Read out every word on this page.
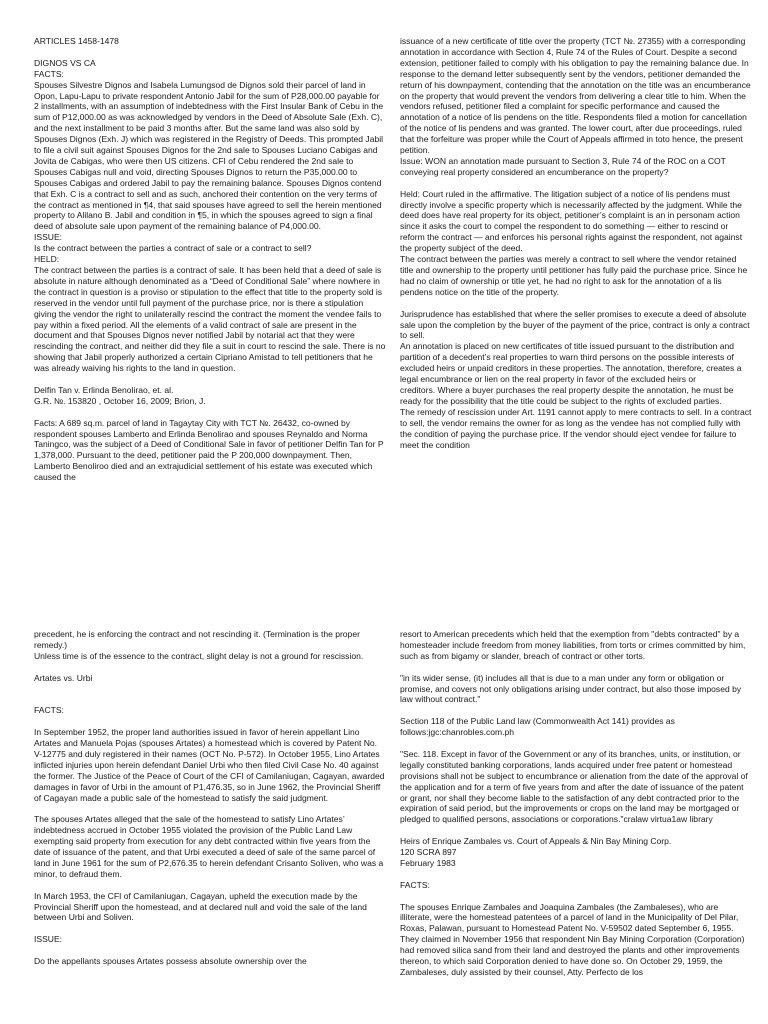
ARTICLES 1458-1478

DIGNOS VS CA

FACTS:

Spouses Silvestre Dignos and Isabela Lumungsod de Dignos sold their parcel of land in Opon, Lapu-Lapu to private respondent Antonio Jabil for the sum of P28,000.00 payable for 2 installments, with an assumption of indebtedness with the First Insular Bank of Cebu in the sum of P12,000.00 as was acknowledged by vendors in the Deed of Absolute Sale (Exh. C), and the next installment to be paid 3 months after. But the same land was also sold by Spouses Dignos (Exh. J) which was registered in the Registry of Deeds. This prompted Jabil to file a civil suit against Spouses Dignos for the 2nd sale to Spouses Luciano Cabigas and Jovita de Cabigas, who were then US citizens. CFI of Cebu rendered the 2nd sale to Spouses Cabigas null and void, directing Spouses Dignos to return the P35,000.00 to Spouses Cabigas and ordered Jabil to pay the remaining balance. Spouses Dignos contend that Exh. C is a contract to sell and as such, anchored their contention on the very terms of the contract as mentioned in ¶4, that said spouses have agreed to sell the herein mentioned property to Alilano B. Jabil and condition in ¶5, in which the spouses agreed to sign a final deed of absolute sale upon payment of the remaining balance of P4,000.00.

ISSUE:

Is the contract between the parties a contract of sale or a contract to sell?

HELD:

The contract between the parties is a contract of sale. It has been held that a deed of sale is absolute in nature although denominated as a “Deed of Conditional Sale” where nowhere in the contract in question is a proviso or stipulation to the effect that title to the property sold is reserved in the vendor until full payment of the purchase price, nor is there a stipulation giving the vendor the right to unilaterally rescind the contract the moment the vendee fails to pay within a fixed period. All the elements of a valid contract of sale are present in the document and that Spouses Dignos never notified Jabil by notarial act that they were rescinding the contract, and neither did they file a suit in court to rescind the sale. There is no showing that Jabil properly authorized a certain Cipriano Amistad to tell petitioners that he was already waiving his rights to the land in question.

Delfin Tan v. Erlinda Benolirao, et. al.

G.R. №. 153820 , October 16, 2009; Brion, J.

Facts: A 689 sq.m. parcel of land in Tagaytay City with TCT №. 26432, co-owned by respondent spouses Lamberto and Erlinda Benolirao and spouses Reynaldo and Norma Taningco, was the subject of a Deed of Conditional Sale in favor of petitioner Delfin Tan for P 1,378,000. Pursuant to the deed, petitioner paid the P 200,000 downpayment. Then, Lamberto Benoliroo died and an extrajudicial settlement of his estate was executed which caused the

issuance of a new certificate of title over the property (TCT №. 27355) with a corresponding annotation in accordance with Section 4, Rule 74 of the Rules of Court. Despite a second extension, petitioner failed to comply with his obligation to pay the remaining balance due. In response to the demand letter subsequently sent by the vendors, petitioner demanded the return of his downpayment, contending that the annotation on the title was an encumberance on the property that would prevent the vendors from delivering a clear title to him. When the vendors refused, petitioner filed a complaint for specific performance and caused the annotation of a notice of lis pendens on the title. Respondents filed a motion for cancellation of the notice of lis pendens and was granted. The lower court, after due proceedings, ruled that the forfeiture was proper while the Court of Appeals affirmed in toto hence, the present petition.

Issue: WON an annotation made pursuant to Section 3, Rule 74 of the ROC on a COT conveying real property considered an encumberance on the property?

Held: Court ruled in the affirmative. The litigation subject of a notice of lis pendens must directly involve a specific property which is necessarily affected by the judgment. While the deed does have real property for its object, petitioner’s complaint is an in personam action since it asks the court to compel the respondent to do something — either to rescind or reform the contract — and enforces his personal rights against the respondent, not against the property subject of the deed.

The contract between the parties was merely a contract to sell where the vendor retained title and ownership to the property until petitioner has fully paid the purchase price. Since he had no claim of ownership or title yet, he had no right to ask for the annotation of a lis pendens notice on the title of the property.

Jurisprudence has established that where the seller promises to execute a deed of absolute sale upon the completion by the buyer of the payment of the price, contract is only a contract to sell.

An annotation is placed on new certificates of title issued pursuant to the distribution and partition of a decedent’s real properties to warn third persons on the possible interests of excluded heirs or unpaid creditors in these properties. The annotation, therefore, creates a legal encumbrance or lien on the real property in favor of the excluded heirs or

creditors. Where a buyer purchases the real property despite the annotation, he must be ready for the possibility that the title could be subject to the rights of excluded parties.

The remedy of rescission under Art. 1191 cannot apply to mere contracts to sell. In a contract to sell, the vendor remains the owner for as long as the vendee has not complied fully with the condition of paying the purchase price. If the vendor should eject vendee for failure to meet the condition

precedent, he is enforcing the contract and not rescinding it. (Termination is the proper remedy.)

Unless time is of the essence to the contract, slight delay is not a ground for rescission.

Artates vs. Urbi

FACTS:

In September 1952, the proper land authorities issued in favor of herein appellant Lino Artates and Manuela Pojas (spouses Artates) a homestead which is covered by Patent No. V-12775 and duly registered in their names (OCT No. P-572). In October 1955, Lino Artates inflicted injuries upon herein defendant Daniel Urbi who then filed Civil Case No. 40 against the former. The Justice of the Peace of Court of the CFI of Camilaniugan, Cagayan, awarded damages in favor of Urbi in the amount of P1,476.35, so in June 1962, the Provincial Sheriff of Cagayan made a public sale of the homestead to satisfy the said judgment.

The spouses Artates alleged that the sale of the homestead to satisfy Lino Artates’ indebtedness accrued in October 1955 violated the provision of the Public Land Law exempting said property from execution for any debt contracted within five years from the date of issuance of the patent, and that Urbi executed a deed of sale of the same parcel of land in June 1961 for the sum of P2,676.35 to herein defendant Crisanto Soliven, who was a minor, to defraud them.

In March 1953, the CFI of Camilaniugan, Cagayan, upheld the execution made by the Provincial Sheriff upon the homestead, and at declared null and void the sale of the land between Urbi and Soliven.

ISSUE:

Do the appellants spouses Artates possess absolute ownership over the

resort to American precedents which held that the exemption from "debts contracted" by a homesteader include freedom from money liabilities, from torts or crimes committed by him, such as from bigamy or slander, breach of contract or other torts.

"in its wider sense, (it) includes all that is due to a man under any form or obligation or promise, and covers not only obligations arising under contract, but also those imposed by law without contract."

Section 118 of the Public Land law (Commonwealth Act 141) provides as follows:jgc:chanrobles.com.ph

"Sec. 118. Except in favor of the Government or any of its branches, units, or institution, or legally constituted banking corporations, lands acquired under free patent or homestead provisions shall not be subject to encumbrance or alienation from the date of the approval of the application and for a term of five years from and after the date of issuance of the patent or grant, nor shall they become liable to the satisfaction of any debt contracted prior to the expiration of said period, but the improvements or crops on the land may be mortgaged or pledged to qualified persons, associations or corporations."cralaw virtua1aw library

Heirs of Enrique Zambales vs. Court of Appeals & Nin Bay Mining Corp.

120 SCRA 897

February 1983

FACTS:

The spouses Enrique Zambales and Joaquina Zambales (the Zambaleses), who are illiterate, were the homestead patentees of a parcel of land in the Municipality of Del Pilar, Roxas, Palawan, pursuant to Homestead Patent No. V-59502 dated September 6, 1955. They claimed in November 1956 that respondent Nin Bay Mining Corporation (Corporation) had removed silica sand from their land and destroyed the plants and other improvements thereon, to which said Corporation denied to have done so. On October 29, 1959, the Zambaleses, duly assisted by their counsel, Atty. Perfecto de los
